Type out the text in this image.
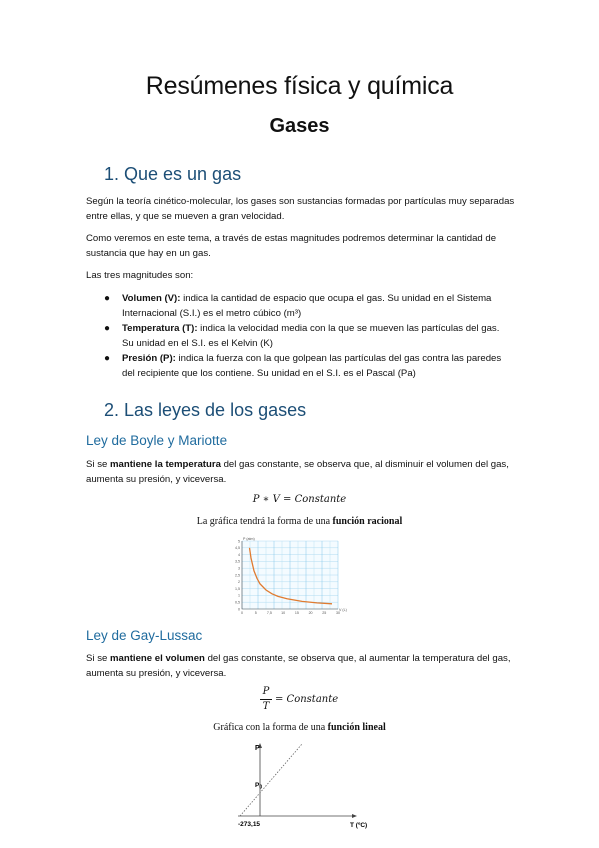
Resúmenes física y química
Gases
1. Que es un gas
Según la teoría cinético-molecular, los gases son sustancias formadas por partículas muy separadas entre ellas, y que se mueven a gran velocidad.
Como veremos en este tema, a través de estas magnitudes podremos determinar la cantidad de sustancia que hay en un gas.
Las tres magnitudes son:
● Volumen (V): indica la cantidad de espacio que ocupa el gas. Su unidad en el Sistema Internacional (S.I.) es el metro cúbico (m³)
● Temperatura (T): indica la velocidad media con la que se mueven las partículas del gas. Su unidad en el S.I. es el Kelvin (K)
● Presión (P): indica la fuerza con la que golpean las partículas del gas contra las paredes del recipiente que los contiene. Su unidad en el S.I. es el Pascal (Pa)
2. Las leyes de los gases
Ley de Boyle y Mariotte
Si se mantiene la temperatura del gas constante, se observa que, al disminuir el volumen del gas, aumenta su presión, y viceversa.
P ∗ V = Constante
La gráfica tendrá la forma de una función racional
5
4,5
4
3,5
3
2,5
2
1,5
1
0,5
0
0	5	7,5	10	15	20	25	30
P (atm)
V (L)
Ley de Gay-Lussac
Si se mantiene el volumen del gas constante, se observa que, al aumentar la temperatura del gas, aumenta su presión, y viceversa.
P
T
= Constante
Gráfica con la forma de una función lineal
P
$P_0$
-273,15	T (ºC)
